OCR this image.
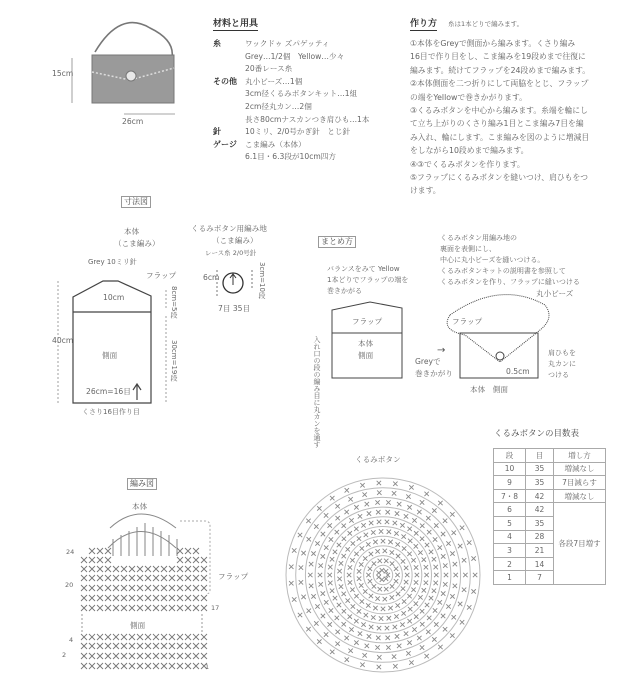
15cm
26cm
材料と用具
糸	ワックドゥ ズパゲッティ
Grey…1/2個　Yellow…少々
20番レース糸
その他 丸小ビーズ…1個
3cm径くるみボタンキット…1組
2cm径丸カン…2個
長さ80cmナスカンつき肩ひも…1本
針	10ミリ、2/0号かぎ針　とじ針
ゲージ こま編み（本体）
6.1目・6.3段が10cm四方
作り方 糸は1本どりで編みます。
①本体をGreyで側面から編みます。くさり編み
16目で作り目をし、こま編みを19段めまで往復に
編みます。続けてフラップを24段めまで編みます。
②本体側面を二つ折りにして両脇をとじ、フラップ
の端をYellowで巻きかがります。
③くるみボタンを中心から編みます。糸端を輪にし
て立ち上がりのくさり編み1目とこま編み7目を編
み入れ、輪にします。こま編みを図のように増減目
をしながら10段めまで編みます。
④③でくるみボタンを作ります。
⑤フラップにくるみボタンを縫いつけ、肩ひもをつ
けます。
寸法図
本体
（こま編み）
Grey 10ミリ針
フラップ
10cm
側面
40cm
8cm=5段
30cm=19段
26cm=16目
くさり16目作り目
くるみボタン用編み地
（こま編み）
レース糸 2/0号針
6cm	3cm=10段
7目 35目
まとめ方
バランスをみて Yellow
1本どりでフラップの端を
巻きかがる
入れ口の段の編み目に丸カンを通す
フラップ
本体
側面
Greyで
巻きかがり
→
くるみボタン用編み地の
裏面を表側にし、
中心に丸小ビーズを縫いつける。
くるみボタンキットの説明書を参照して
くるみボタンを作り、フラップに縫いつける
フラップ
丸小ビーズ
肩ひもを
丸カンに
つける
0.5cm
本体　側面
くるみボタンの目数表
段	目	増し方
10	35	増減なし
9	35	7目減らす
7・8	42	増減なし
6	42	各段7目増す
5	35	
4	28	
3	21	
2	14	
1	7	
編み図
本体
フラップ
側面
24
20
17
4
2
1
くるみボタン
